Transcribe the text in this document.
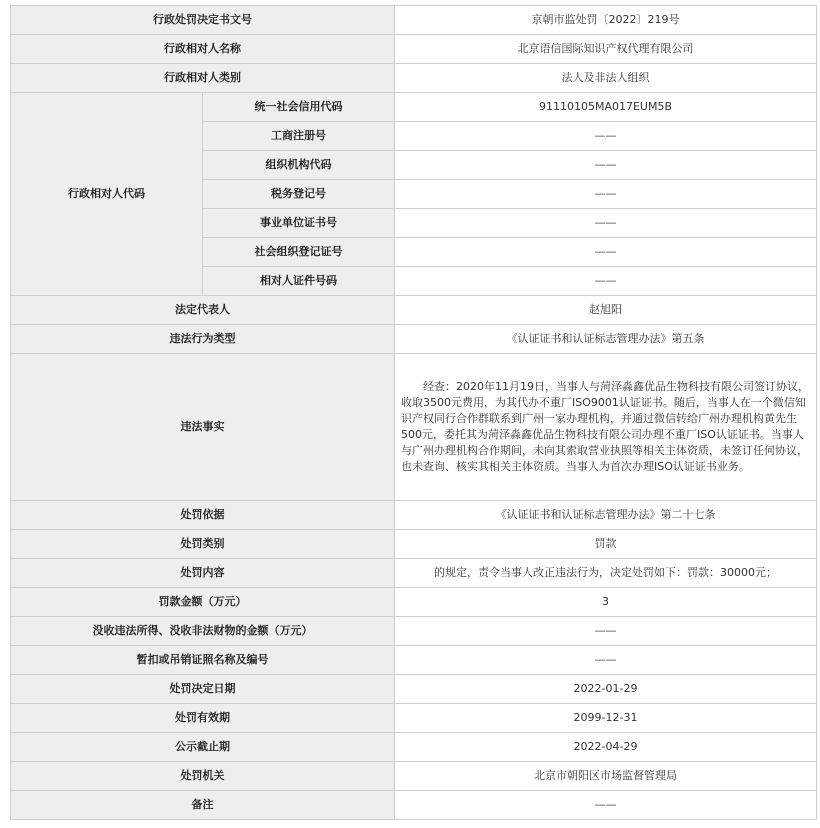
行政处罚决定书文号		京朝市监处罚〔2022〕219号
行政相对人名称		北京语信国际知识产权代理有限公司
行政相对人类别		法人及非法人组织
行政相对人代码	统一社会信用代码	91110105MA017EUM5B
	工商注册号	——
	组织机构代码	——
	税务登记号	——
	事业单位证书号	——
	社会组织登记证号	——
	相对人证件号码	——
法定代表人		赵旭阳
违法行为类型		《认证证书和认证标志管理办法》第五条
违法事实		经查：2020年11月19日，当事人与菏泽淼鑫优品生物科技有限公司签订协议，收取3500元费用，为其代办不重厂ISO9001认证证书。随后，当事人在一个微信知识产权同行合作群联系到广州一家办理机构，并通过微信转给广州办理机构黄先生500元，委托其为菏泽淼鑫优品生物科技有限公司办理不重厂ISO认证证书。当事人与广州办理机构合作期间，未向其索取营业执照等相关主体资质，未签订任何协议，也未查询、核实其相关主体资质。当事人为首次办理ISO认证证书业务。
处罚依据		《认证证书和认证标志管理办法》第二十七条
处罚类别		罚款
处罚内容		的规定，责令当事人改正违法行为，决定处罚如下：罚款：30000元；
罚款金额（万元）		3
没收违法所得、没收非法财物的金额（万元）		——
暂扣或吊销证照名称及编号		——
处罚决定日期		2022-01-29
处罚有效期		2099-12-31
公示截止期		2022-04-29
处罚机关		北京市朝阳区市场监督管理局
备注		——
